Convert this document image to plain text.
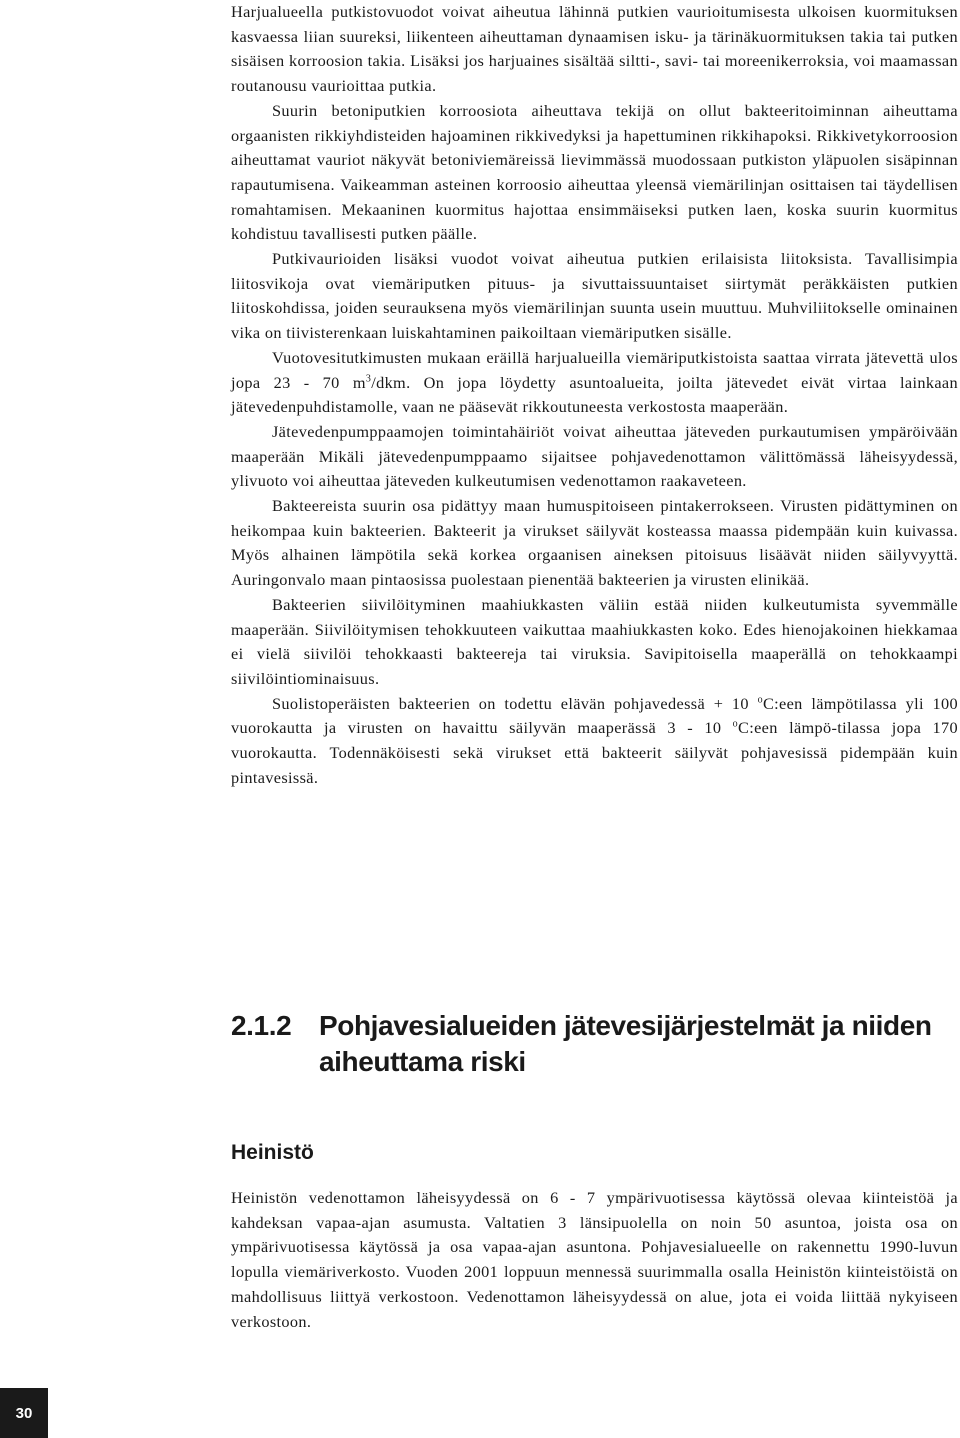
Harjualueella putkistovuodot voivat aiheutua lähinnä putkien vaurioitumisesta ulkoisen kuormituksen kasvaessa liian suureksi, liikenteen aiheuttaman dynaamisen isku- ja tärinäkuormituksen takia tai putken sisäisen korroosion takia. Lisäksi jos harjuaines sisältää siltti-, savi- tai moreenikerroksia, voi maamassan routanousu vaurioittaa putkia.

Suurin betoniputkien korroosiota aiheuttava tekijä on ollut bakteeritoiminnan aiheuttama orgaanisten rikkiyhdisteiden hajoaminen rikkivedyksi ja hapettuminen rikkihapoksi. Rikkivetykorroosion aiheuttamat vauriot näkyvät betoniviemäreissä lievimmässä muodossaan putkiston yläpuolen sisäpinnan rapautumisena. Vaikeamman asteinen korroosio aiheuttaa yleensä viemärilinjan osittaisen tai täydellisen romahtamisen. Mekaaninen kuormitus hajottaa ensimmäiseksi putken laen, koska suurin kuormitus kohdistuu tavallisesti putken päälle.

Putkivaurioiden lisäksi vuodot voivat aiheutua putkien erilaisista liitoksista. Tavallisimpia liitosvikoja ovat viemäriputken pituus- ja sivuttaissuuntaiset siirtymät peräkkäisten putkien liitoskohdissa, joiden seurauksena myös viemärilinjan suunta usein muuttuu. Muhviliitokselle ominainen vika on tiivisterenkaan luiskahtaminen paikoiltaan viemäriputken sisälle.

Vuotovesitutkimusten mukaan eräillä harjualueilla viemäriputkistoista saattaa virrata jätevettä ulos jopa 23 - 70 $m^3$/dkm. On jopa löydetty asuntoalueita, joilta jätevedet eivät virtaa lainkaan jätevedenpuhdistamolle, vaan ne pääsevät rikkoutuneesta verkostosta maaperään.

Jätevedenpumppaamojen toimintahäiriöt voivat aiheuttaa jäteveden purkautumisen ympäröivään maaperään Mikäli jätevedenpumppaamo sijaitsee pohjavedenottamon välittömässä läheisyydessä, ylivuoto voi aiheuttaa jäteveden kulkeutumisen vedenottamon raakaveteen.

Bakteereista suurin osa pidättyy maan humuspitoiseen pintakerrokseen. Virusten pidättyminen on heikompaa kuin bakteerien. Bakteerit ja virukset säilyvät kosteassa maassa pidempään kuin kuivassa. Myös alhainen lämpötila sekä korkea orgaanisen aineksen pitoisuus lisäävät niiden säilyvyyttä. Auringonvalo maan pintaosissa puolestaan pienentää bakteerien ja virusten elinikää.

Bakteerien siivilöityminen maahiukkasten väliin estää niiden kulkeutumista syvemmälle maaperään. Siivilöitymisen tehokkuuteen vaikuttaa maahiukkasten koko. Edes hienojakoinen hiekkamaa ei vielä siivilöi tehokkaasti bakteereja tai viruksia. Savipitoisella maaperällä on tehokkaampi siivilöintiominaisuus.

Suolistoperäisten bakteerien on todettu elävän pohjavedessä + 10 $^o$C:een lämpötilassa yli 100 vuorokautta ja virusten on havaittu säilyvän maaperässä 3 - 10 $^o$C:een lämpö-tilassa jopa 170 vuorokautta. Todennäköisesti sekä virukset että bakteerit säilyvät pohjavesissä pidempään kuin pintavesissä.

2.1.2 Pohjavesialueiden jätevesijärjestelmät ja niiden
aiheuttama riski
Heinistö

Heinistön vedenottamon läheisyydessä on 6 - 7 ympärivuotisessa käytössä olevaa kiinteistöä ja kahdeksan vapaa-ajan asumusta. Valtatien 3 länsipuolella on noin 50 asuntoa, joista osa on ympärivuotisessa käytössä ja osa vapaa-ajan asuntona. Pohjavesialueelle on rakennettu 1990-luvun lopulla viemäriverkosto. Vuoden 2001 loppuun mennessä suurimmalla osalla Heinistön kiinteistöistä on mahdollisuus liittyä verkostoon. Vedenottamon läheisyydessä on alue, jota ei voida liittää nykyiseen verkostoon.

30
